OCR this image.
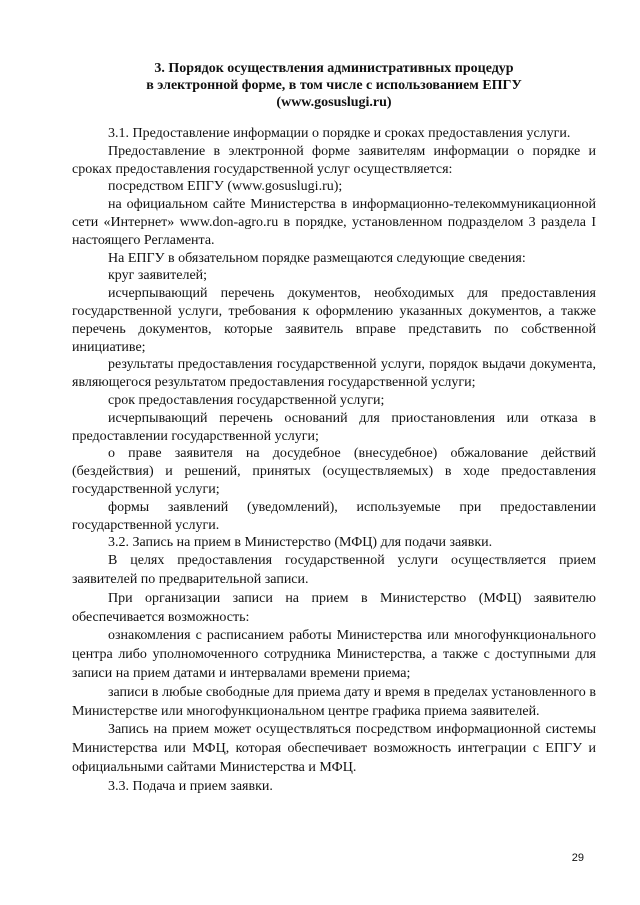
3. Порядок осуществления административных процедур
в электронной форме, в том числе с использованием ЕПГУ
(www.gosuslugi.ru)

3.1. Предоставление информации о порядке и сроках предоставления услуги.

Предоставление в электронной форме заявителям информации о порядке и сроках предоставления государственной услуг осуществляется:

посредством ЕПГУ (www.gosuslugi.ru);

на официальном сайте Министерства в информационно-телекоммуникационной сети «Интернет» www.don-agro.ru в порядке, установленном подразделом 3 раздела I настоящего Регламента.

На ЕПГУ в обязательном порядке размещаются следующие сведения:

круг заявителей;

исчерпывающий перечень документов, необходимых для предоставления государственной услуги, требования к оформлению указанных документов, а также перечень документов, которые заявитель вправе представить по собственной инициативе;

результаты предоставления государственной услуги, порядок выдачи документа, являющегося результатом предоставления государственной услуги;

срок предоставления государственной услуги;

исчерпывающий перечень оснований для приостановления или отказа в предоставлении государственной услуги;

о праве заявителя на досудебное (внесудебное) обжалование действий (бездействия) и решений, принятых (осуществляемых) в ходе предоставления государственной услуги;

формы заявлений (уведомлений), используемые при предоставлении государственной услуги.

3.2. Запись на прием в Министерство (МФЦ) для подачи заявки.

В целях предоставления государственной услуги осуществляется прием заявителей по предварительной записи.

При организации записи на прием в Министерство (МФЦ) заявителю обеспечивается возможность:

ознакомления с расписанием работы Министерства или многофункционального центра либо уполномоченного сотрудника Министерства, а также с доступными для записи на прием датами и интервалами времени приема;

записи в любые свободные для приема дату и время в пределах установленного в Министерстве или многофункциональном центре графика приема заявителей.

Запись на прием может осуществляться посредством информационной системы Министерства или МФЦ, которая обеспечивает возможность интеграции с ЕПГУ и официальными сайтами Министерства и МФЦ.

3.3. Подача и прием заявки.

29
